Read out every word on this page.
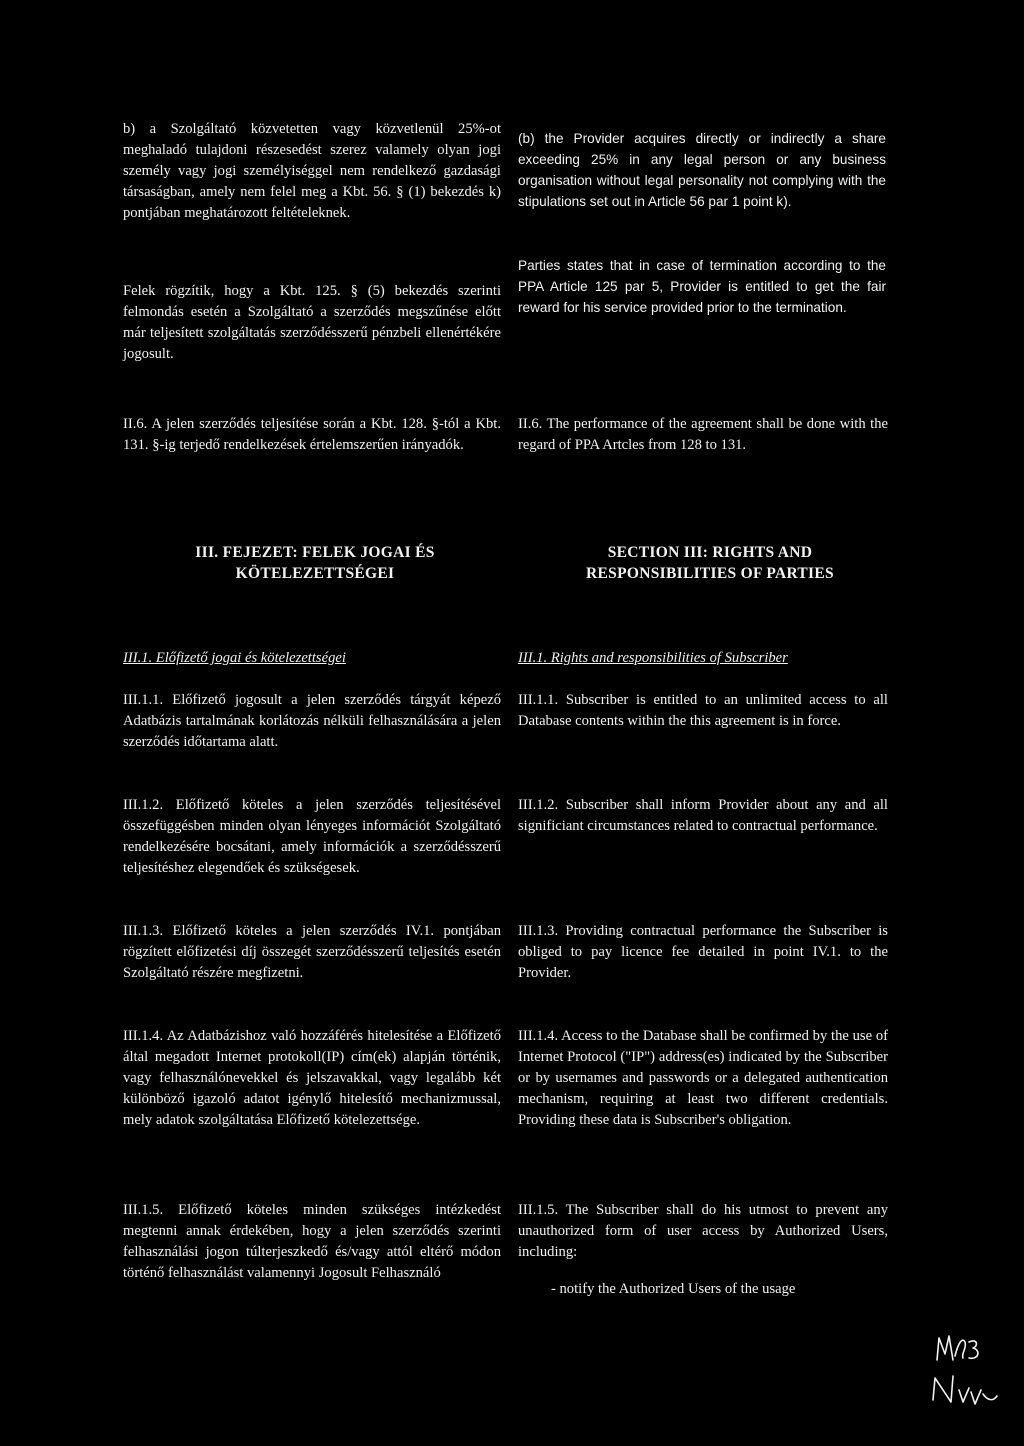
b) a Szolgáltató közvetetten vagy közvetlenül 25%-ot meghaladó tulajdoni részesedést szerez valamely olyan jogi személy vagy jogi személyiséggel nem rendelkező gazdasági társaságban, amely nem felel meg a Kbt. 56. § (1) bekezdés k) pontjában meghatározott feltételeknek.

Felek rögzítik, hogy a Kbt. 125. § (5) bekezdés szerinti felmondás esetén a Szolgáltató a szerződés megszűnése előtt már teljesített szolgáltatás szerződésszerű pénzbeli ellenértékére jogosult.

II.6. A jelen szerződés teljesítése során a Kbt. 128. §-tól a Kbt. 131. §-ig terjedő rendelkezések értelemszerűen irányadók.

III. FEJEZET: FELEK JOGAI ÉS KÖTELEZETTSÉGEI
III.1. Előfizető jogai és kötelezettségei

III.1.1. Előfizető jogosult a jelen szerződés tárgyát képező Adatbázis tartalmának korlátozás nélküli felhasználására a jelen szerződés időtartama alatt.

III.1.2. Előfizető köteles a jelen szerződés teljesítésével összefüggésben minden olyan lényeges információt Szolgáltató rendelkezésére bocsátani, amely információk a szerződésszerű teljesítéshez elegendőek és szükségesek.

III.1.3. Előfizető köteles a jelen szerződés IV.1. pontjában rögzített előfizetési díj összegét szerződésszerű teljesítés esetén Szolgáltató részére megfizetni.

III.1.4. Az Adatbázishoz való hozzáférés hitelesítése a Előfizető által megadott Internet protokoll(IP) cím(ek) alapján történik, vagy felhasználónevekkel és jelszavakkal, vagy legalább két különböző igazoló adatot igénylő hitelesítő mechanizmussal, mely adatok szolgáltatása Előfizető kötelezettsége.

III.1.5. Előfizető köteles minden szükséges intézkedést megtenni annak érdekében, hogy a jelen szerződés szerinti felhasználási jogon túlterjeszkedő és/vagy attól eltérő módon történő felhasználást valamennyi Jogosult Felhasználó

(b) the Provider acquires directly or indirectly a share exceeding 25% in any legal person or any business organisation without legal personality not complying with the stipulations set out in Article 56 par 1 point k).

Parties states that in case of termination according to the PPA Article 125 par 5, Provider is entitled to get the fair reward for his service provided prior to the termination.

II.6. The performance of the agreement shall be done with the regard of PPA Artcles from 128 to 131.

SECTION III: RIGHTS AND RESPONSIBILITIES OF PARTIES
III.1. Rights and responsibilities of Subscriber

III.1.1. Subscriber is entitled to an unlimited access to all Database contents within the this agreement is in force.

III.1.2. Subscriber shall inform Provider about any and all significiant circumstances related to contractual performance.

III.1.3. Providing contractual performance the Subscriber is obliged to pay licence fee detailed in point IV.1. to the Provider.

III.1.4. Access to the Database shall be confirmed by the use of Internet Protocol ("IP") address(es) indicated by the Subscriber or by usernames and passwords or a delegated authentication mechanism, requiring at least two different credentials. Providing these data is Subscriber's obligation.

III.1.5. The Subscriber shall do his utmost to prevent any unauthorized form of user access by Authorized Users, including:

- notify the Authorized Users of the usage
